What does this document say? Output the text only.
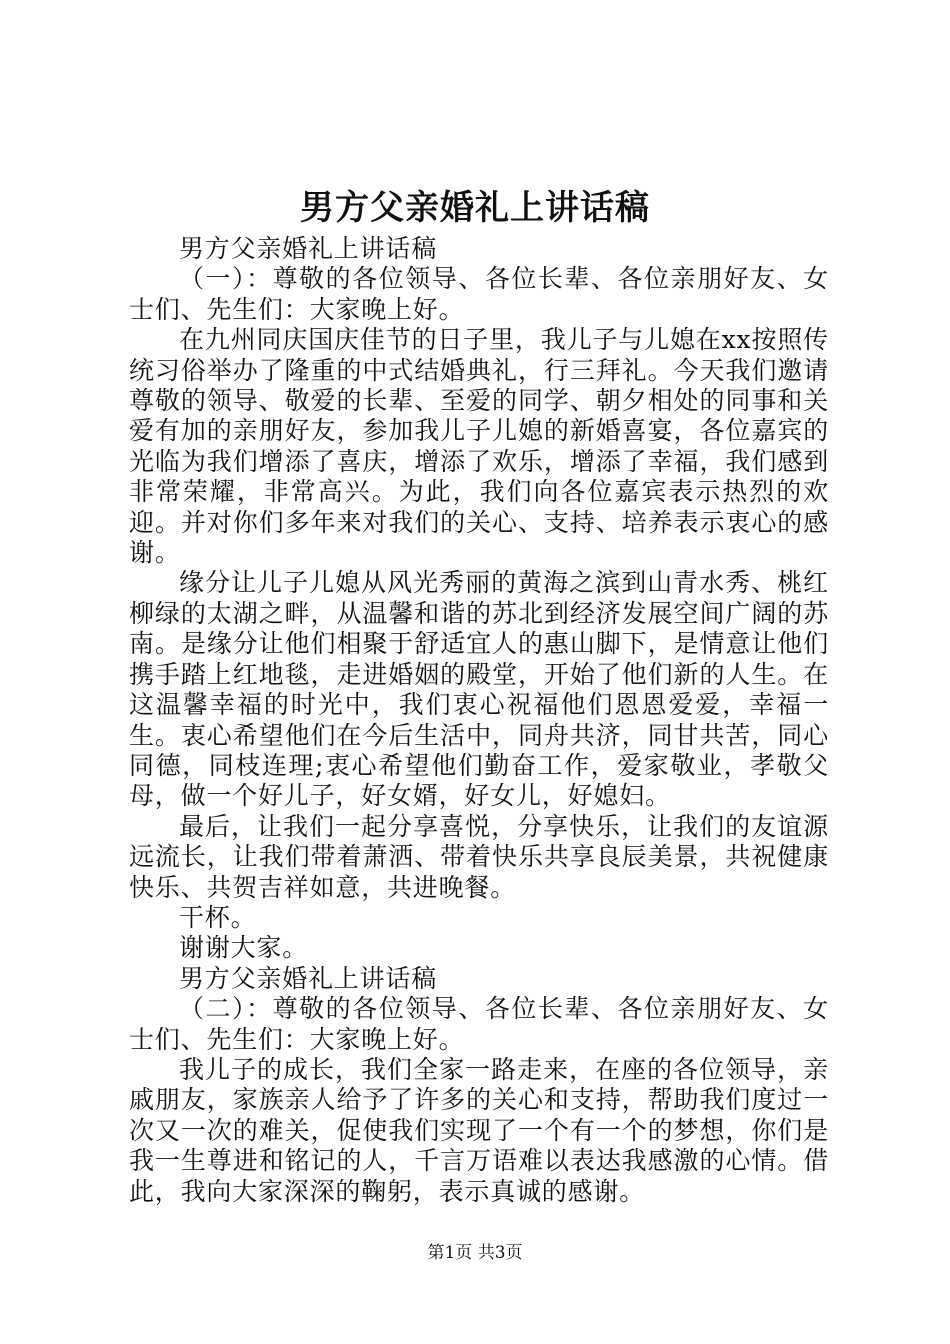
男方父亲婚礼上讲话稿

男方父亲婚礼上讲话稿

（一）：尊敬的各位领导、各位长辈、各位亲朋好友、女士们、先生们：大家晚上好。

在九州同庆国庆佳节的日子里，我儿子与儿媳在xx按照传统习俗举办了隆重的中式结婚典礼，行三拜礼。今天我们邀请尊敬的领导、敬爱的长辈、至爱的同学、朝夕相处的同事和关爱有加的亲朋好友，参加我儿子儿媳的新婚喜宴，各位嘉宾的光临为我们增添了喜庆，增添了欢乐，增添了幸福，我们感到非常荣耀，非常高兴。为此，我们向各位嘉宾表示热烈的欢迎。并对你们多年来对我们的关心、支持、培养表示衷心的感谢。

缘分让儿子儿媳从风光秀丽的黄海之滨到山青水秀、桃红柳绿的太湖之畔，从温馨和谐的苏北到经济发展空间广阔的苏南。是缘分让他们相聚于舒适宜人的惠山脚下，是情意让他们携手踏上红地毯，走进婚姻的殿堂，开始了他们新的人生。在这温馨幸福的时光中，我们衷心祝福他们恩恩爱爱，幸福一生。衷心希望他们在今后生活中，同舟共济，同甘共苦，同心同德，同枝连理;衷心希望他们勤奋工作，爱家敬业，孝敬父母，做一个好儿子，好女婿，好女儿，好媳妇。

最后，让我们一起分享喜悦，分享快乐，让我们的友谊源远流长，让我们带着萧洒、带着快乐共享良辰美景，共祝健康快乐、共贺吉祥如意，共进晚餐。

干杯。

谢谢大家。

男方父亲婚礼上讲话稿

（二）：尊敬的各位领导、各位长辈、各位亲朋好友、女士们、先生们：大家晚上好。

我儿子的成长，我们全家一路走来，在座的各位领导，亲戚朋友，家族亲人给予了许多的关心和支持，帮助我们度过一次又一次的难关，促使我们实现了一个有一个的梦想，你们是我一生尊进和铭记的人，千言万语难以表达我感激的心情。借此，我向大家深深的鞠躬，表示真诚的感谢。

第1页 共3页
